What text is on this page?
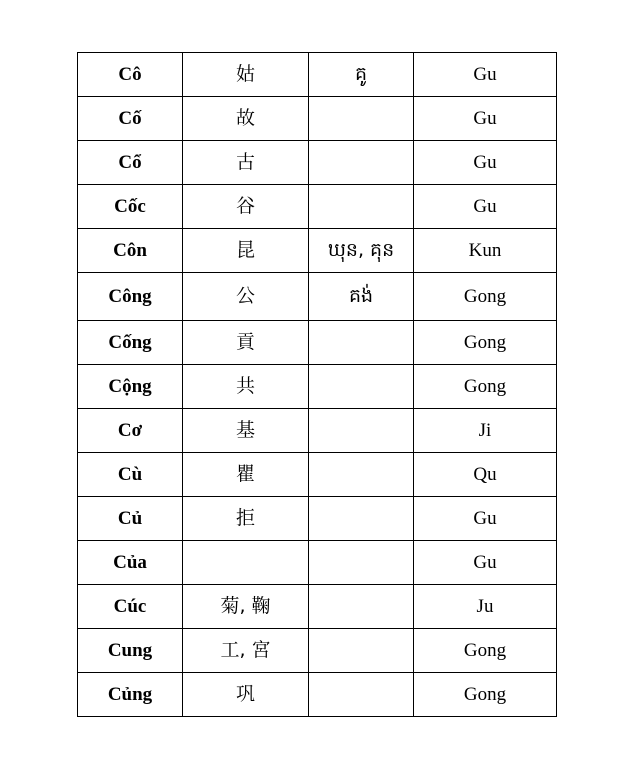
Cô	姑	គូ	Gu
Cố	故		Gu
Cổ	古		Gu
Cốc	谷		Gu
Côn	昆	ឃុន, គុន	Kun
Công	公	គង់	Gong
Cống	貢		Gong
Cộng	共		Gong
Cơ	基		Ji
Cù	瞿		Qu
Củ	拒		Gu
Của			Gu
Cúc	菊, 鞠		Ju
Cung	工, 宮		Gong
Củng	巩		Gong
